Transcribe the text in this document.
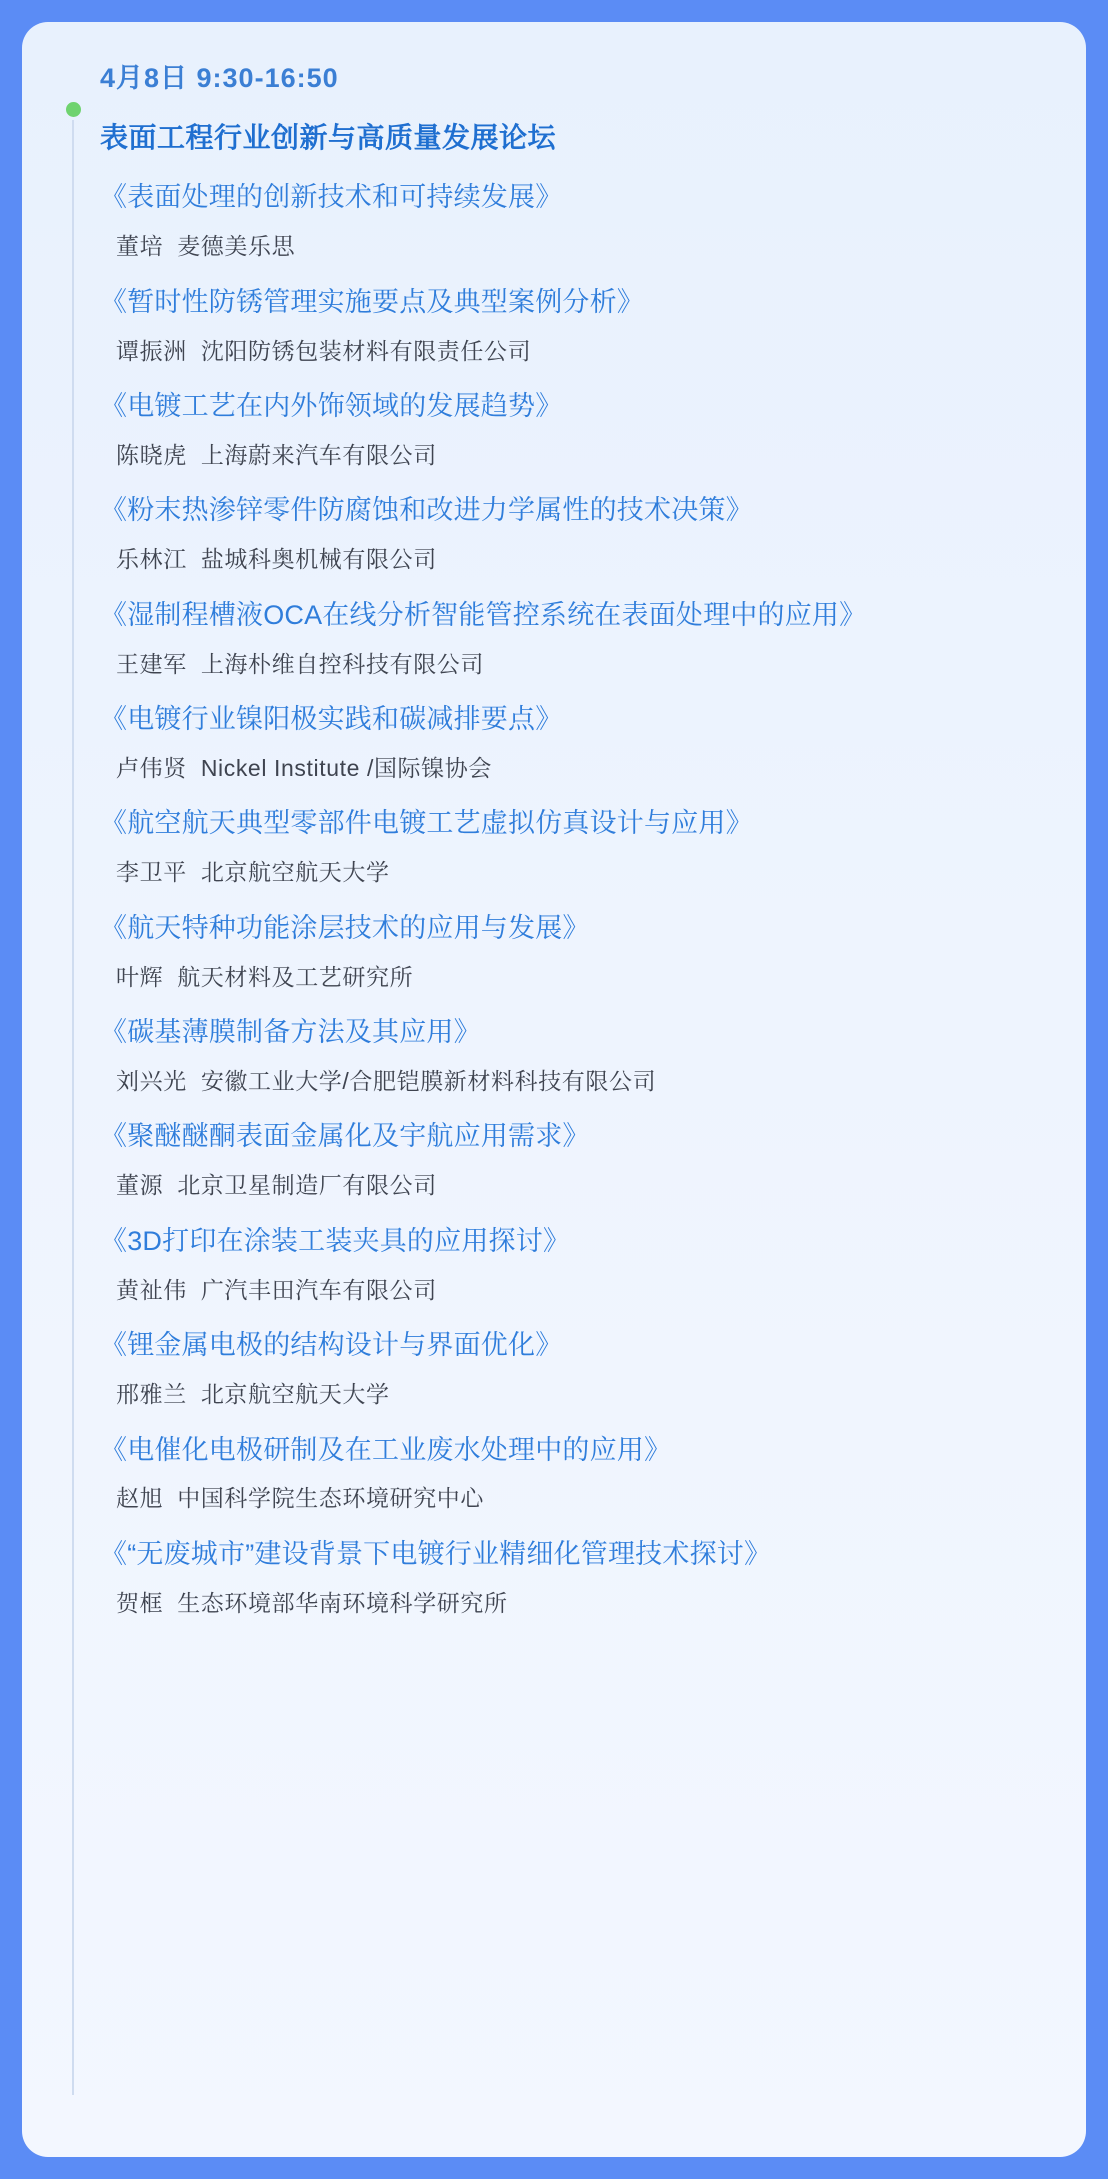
4月8日 9:30-16:50
表面工程行业创新与高质量发展论坛
《表面处理的创新技术和可持续发展》
董培 麦德美乐思
《暂时性防锈管理实施要点及典型案例分析》
谭振洲 沈阳防锈包装材料有限责任公司
《电镀工艺在内外饰领域的发展趋势》
陈晓虎 上海蔚来汽车有限公司
《粉末热渗锌零件防腐蚀和改进力学属性的技术决策》
乐林江 盐城科奥机械有限公司
《湿制程槽液OCA在线分析智能管控系统在表面处理中的应用》
王建军 上海朴维自控科技有限公司
《电镀行业镍阳极实践和碳减排要点》
卢伟贤 Nickel Institute /国际镍协会
《航空航天典型零部件电镀工艺虚拟仿真设计与应用》
李卫平 北京航空航天大学
《航天特种功能涂层技术的应用与发展》
叶辉 航天材料及工艺研究所
《碳基薄膜制备方法及其应用》
刘兴光 安徽工业大学/合肥铠膜新材料科技有限公司
《聚醚醚酮表面金属化及宇航应用需求》
董源 北京卫星制造厂有限公司
《3D打印在涂装工装夹具的应用探讨》
黄祉伟 广汽丰田汽车有限公司
《锂金属电极的结构设计与界面优化》
邢雅兰 北京航空航天大学
《电催化电极研制及在工业废水处理中的应用》
赵旭 中国科学院生态环境研究中心
《“无废城市”建设背景下电镀行业精细化管理技术探讨》
贺框 生态环境部华南环境科学研究所
